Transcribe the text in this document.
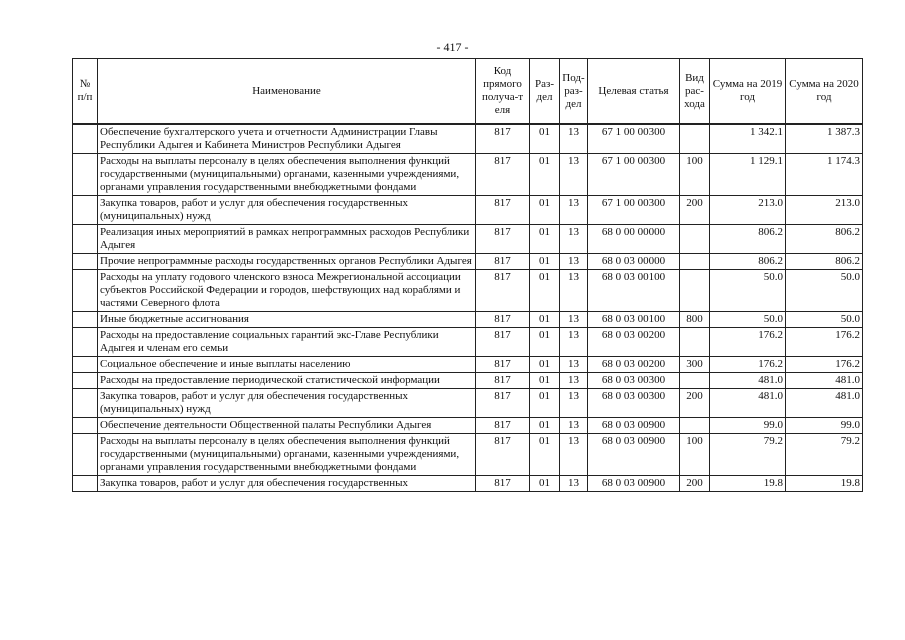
- 417 -
№ п/п	Наименование	Код прямого получа-т еля	Раз- дел	Под- раз- дел	Целевая статья	Вид рас- хода	Сумма на 2019 год	Сумма на 2020 год
	Обеспечение бухгалтерского учета и отчетности Администрации Главы Республики Адыгея и Кабинета Министров Республики Адыгея	817	01	13	67 1 00 00300		1 342.1	1 387.3
	Расходы на выплаты персоналу в целях обеспечения выполнения функций государственными (муниципальными) органами, казенными учреждениями, органами управления государственными внебюджетными фондами	817	01	13	67 1 00 00300	100	1 129.1	1 174.3
	Закупка товаров, работ и услуг для обеспечения государственных (муниципальных) нужд	817	01	13	67 1 00 00300	200	213.0	213.0
	Реализация иных мероприятий в рамках непрограммных расходов Республики Адыгея	817	01	13	68 0 00 00000		806.2	806.2
	Прочие непрограммные расходы государственных органов Республики Адыгея	817	01	13	68 0 03 00000		806.2	806.2
	Расходы на уплату годового членского взноса Межрегиональной ассоциации субъектов Российской Федерации и городов, шефствующих над кораблями и частями Северного флота	817	01	13	68 0 03 00100		50.0	50.0
	Иные бюджетные ассигнования	817	01	13	68 0 03 00100	800	50.0	50.0
	Расходы на предоставление социальных гарантий экс-Главе Республики Адыгея и членам его семьи	817	01	13	68 0 03 00200		176.2	176.2
	Социальное обеспечение и иные выплаты населению	817	01	13	68 0 03 00200	300	176.2	176.2
	Расходы на предоставление периодической статистической информации	817	01	13	68 0 03 00300		481.0	481.0
	Закупка товаров, работ и услуг для обеспечения государственных (муниципальных) нужд	817	01	13	68 0 03 00300	200	481.0	481.0
	Обеспечение деятельности Общественной палаты Республики Адыгея	817	01	13	68 0 03 00900		99.0	99.0
	Расходы на выплаты персоналу в целях обеспечения выполнения функций государственными (муниципальными) органами, казенными учреждениями, органами управления государственными внебюджетными фондами	817	01	13	68 0 03 00900	100	79.2	79.2
	Закупка товаров, работ и услуг для обеспечения государственных	817	01	13	68 0 03 00900	200	19.8	19.8
